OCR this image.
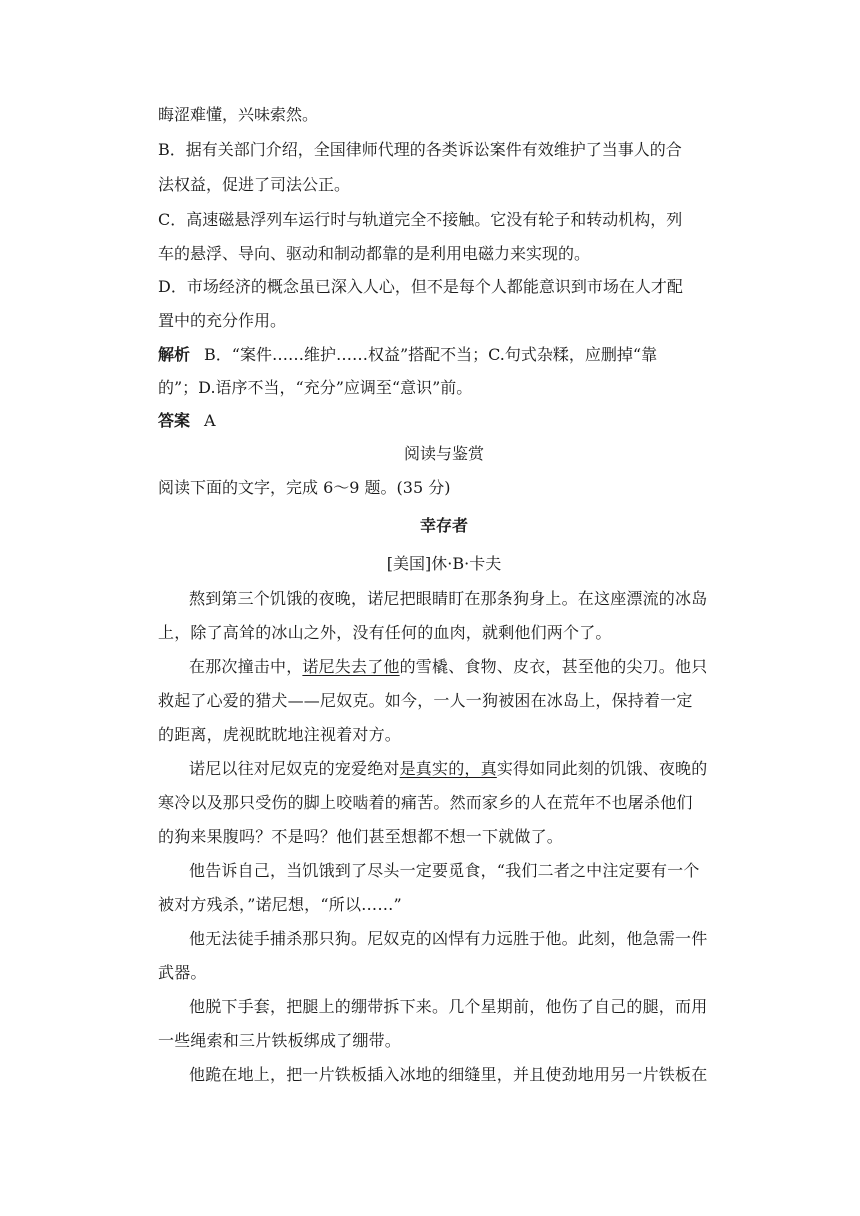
晦涩难懂，兴味索然。
B．据有关部门介绍，全国律师代理的各类诉讼案件有效维护了当事人的合
法权益，促进了司法公正。
C．高速磁悬浮列车运行时与轨道完全不接触。它没有轮子和转动机构，列
车的悬浮、导向、驱动和制动都靠的是利用电磁力来实现的。
D．市场经济的概念虽已深入人心，但不是每个人都能意识到市场在人才配
置中的充分作用。
解析 B．“案件……维护……权益”搭配不当；C.句式杂糅，应删掉“靠
的”；D.语序不当，“充分”应调至“意识”前。
答案 A
阅读与鉴赏
阅读下面的文字，完成 6～9 题。(35 分)
幸存者
[美国]休·B·卡夫
熬到第三个饥饿的夜晚，诺尼把眼睛盯在那条狗身上。在这座漂流的冰岛
上，除了高耸的冰山之外，没有任何的血肉，就剩他们两个了。
在那次撞击中，诺尼失去了他的雪橇、食物、皮衣，甚至他的尖刀。他只
救起了心爱的猎犬——尼奴克。如今，一人一狗被困在冰岛上，保持着一定
的距离，虎视眈眈地注视着对方。
诺尼以往对尼奴克的宠爱绝对是真实的，真实得如同此刻的饥饿、夜晚的
寒冷以及那只受伤的脚上咬啮着的痛苦。然而家乡的人在荒年不也屠杀他们
的狗来果腹吗？不是吗？他们甚至想都不想一下就做了。
他告诉自己，当饥饿到了尽头一定要觅食，“我们二者之中注定要有一个
被对方残杀，”诺尼想，“所以……”
他无法徒手捕杀那只狗。尼奴克的凶悍有力远胜于他。此刻，他急需一件
武器。
他脱下手套，把腿上的绷带拆下来。几个星期前，他伤了自己的腿，而用
一些绳索和三片铁板绑成了绷带。
他跪在地上，把一片铁板插入冰地的细缝里，并且使劲地用另一片铁板在
